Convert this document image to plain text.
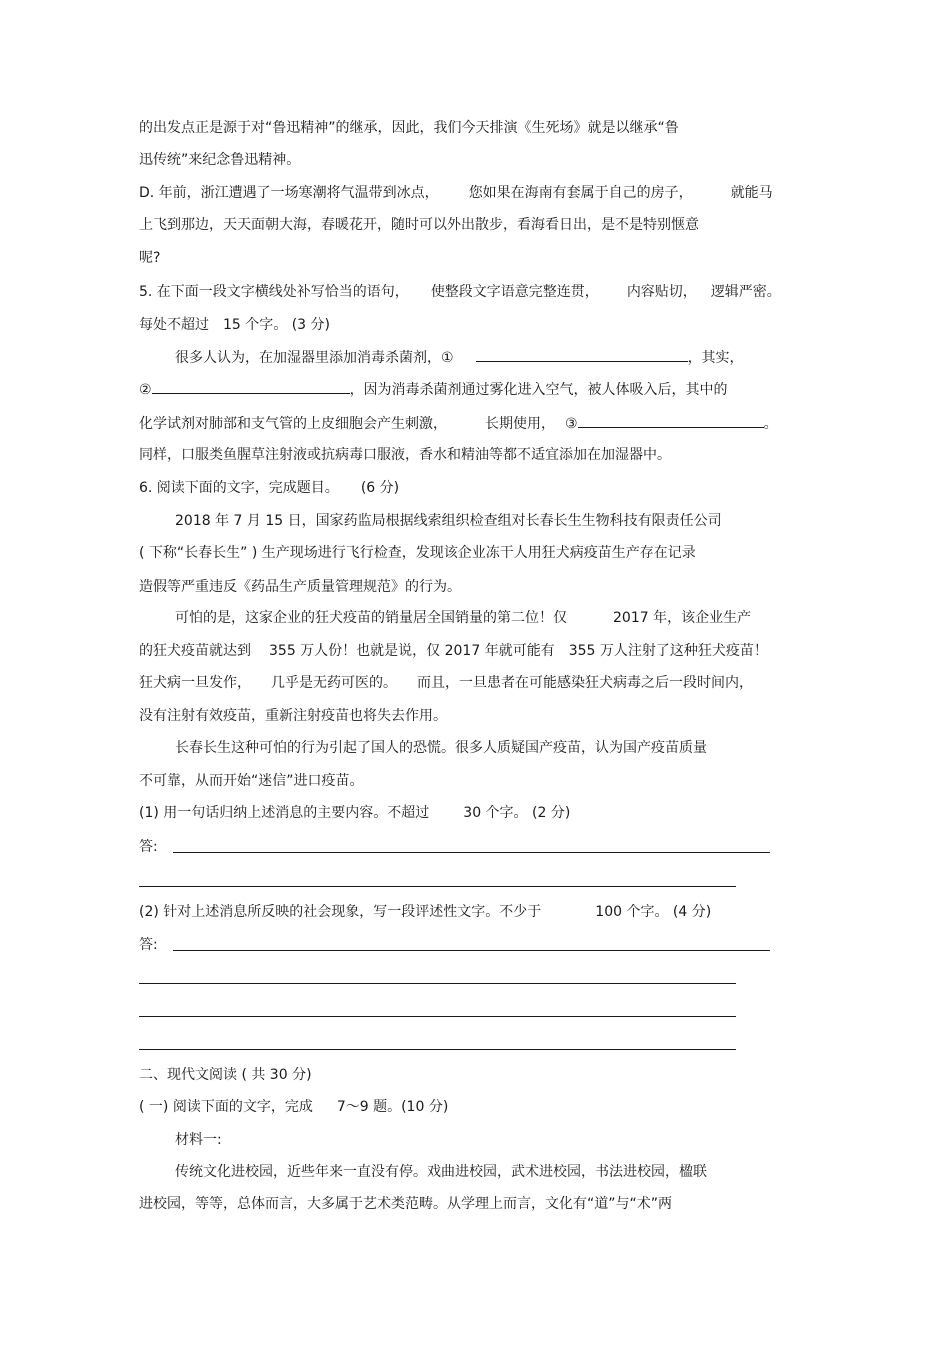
的出发点正是源于对“鲁迅精神”的继承，因此，我们今天排演《生死场》就是以继承“鲁
迅传统”来纪念鲁迅精神。
D. 年前，浙江遭遇了一场寒潮将气温带到冰点， 您如果在海南有套属于自己的房子，	就能马
上飞到那边，天天面朝大海，春暖花开，随时可以外出散步，看海看日出，是不是特别惬意
呢?
5. 在下面一段文字横线处补写恰当的语句， 使整段文字语意完整连贯， 内容贴切， 逻辑严密。
每处不超过 15 个字。 (3 分)
很多人认为，在加湿器里添加消毒杀菌剂，①	，其实，
②	，因为消毒杀菌剂通过雾化进入空气，被人体吸入后，其中的
化学试剂对肺部和支气管的上皮细胞会产生刺激，	长期使用， ③	。
同样，口服类鱼腥草注射液或抗病毒口服液，香水和精油等都不适宜添加在加湿器中。
6. 阅读下面的文字，完成题目。 (6 分)
2018 年 7 月 15 日，国家药监局根据线索组织检查组对长春长生生物科技有限责任公司
( 下称“长春长生” ) 生产现场进行飞行检查，发现该企业冻干人用狂犬病疫苗生产存在记录
造假等严重违反《药品生产质量管理规范》的行为。
可怕的是，这家企业的狂犬疫苗的销量居全国销量的第二位！仅	2017 年，该企业生产
的狂犬疫苗就达到 355 万人份！也就是说，仅 2017 年就可能有 355 万人注射了这种狂犬疫苗！
狂犬病一旦发作， 几乎是无药可医的。 而且，一旦患者在可能感染狂犬病毒之后一段时间内，
没有注射有效疫苗，重新注射疫苗也将失去作用。
长春长生这种可怕的行为引起了国人的恐慌。很多人质疑国产疫苗，认为国产疫苗质量
不可靠，从而开始“迷信”进口疫苗。
(1) 用一句话归纳上述消息的主要内容。不超过 30 个字。 (2 分)
答:
(2) 针对上述消息所反映的社会现象，写一段评述性文字。不少于	100 个字。 (4 分)
答:
二、现代文阅读 ( 共 30 分)
( 一) 阅读下面的文字，完成 7～9 题。(10 分)
材料一:
传统文化进校园，近些年来一直没有停。戏曲进校园，武术进校园，书法进校园，楹联
进校园，等等，总体而言，大多属于艺术类范畴。从学理上而言，文化有“道”与“术”两
